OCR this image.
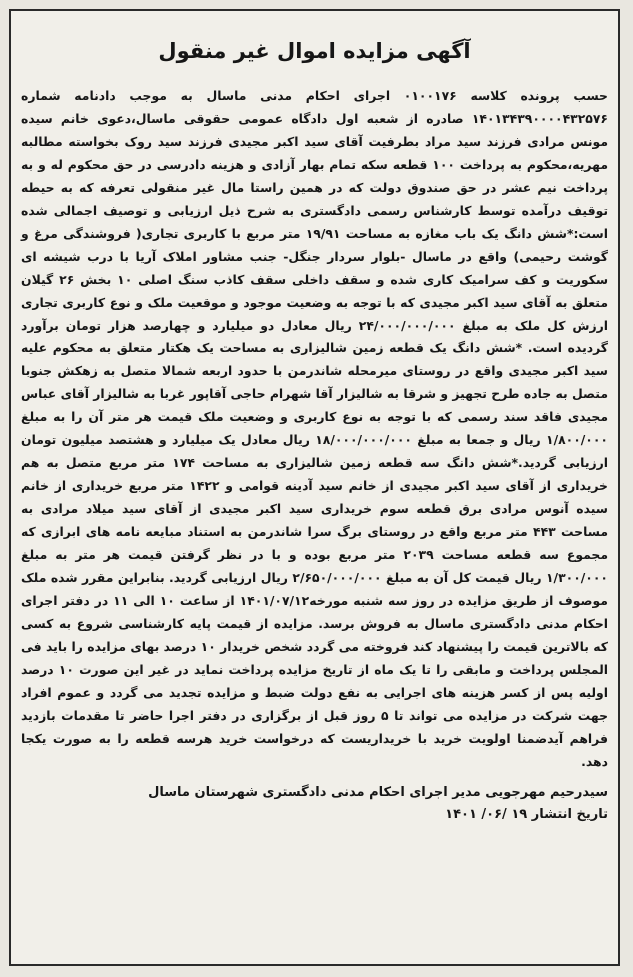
آگهی مزایده اموال غیر منقول

حسب پرونده کلاسه ۰۱۰۰۱۷۶ اجرای احکام مدنی ماسال به موجب دادنامه شماره ۱۴۰۱۳۴۳۹۰۰۰۰۴۳۲۵۷۶ صادره از شعبه اول دادگاه عمومی حقوقی ماسال،دعوی خانم سیده مونس مرادی فرزند سید مراد بطرفیت آقای سید اکبر مجیدی فرزند سید روک بخواسته مطالبه مهریه،محکوم به پرداخت ۱۰۰ قطعه سکه تمام بهار آزادی و هزینه دادرسی در حق محکوم له و به پرداخت نیم عشر در حق صندوق دولت که در همین راستا مال غیر منقولی تعرفه که به حیطه توقیف درآمده توسط کارشناس رسمی دادگستری به شرح ذیل ارزیابی و توصیف اجمالی شده است:*شش دانگ یک باب مغازه به مساحت ۱۹/۹۱ متر مربع با کاربری تجاری( فروشندگی مرغ و گوشت رحیمی) واقع در ماسال -بلوار سردار جنگل- جنب مشاور املاک آریا با درب شیشه ای سکوریت و کف سرامیک کاری شده و سقف داخلی سقف کاذب سنگ اصلی ۱۰ بخش ۲۶ گیلان متعلق به آقای سید اکبر مجیدی که با توجه به وضعیت موجود و موقعیت ملک و نوع کاربری تجاری ارزش کل ملک به مبلغ ۲۴/۰۰۰/۰۰۰/۰۰۰ ریال معادل دو میلیارد و چهارصد هزار تومان برآورد گردیده است. *شش دانگ یک قطعه زمین شالیزاری به مساحت یک هکتار متعلق به محکوم علیه سید اکبر مجیدی واقع در روستای میرمحله شاندرمن با حدود اربعه شمالا متصل به زهکش جنوبا متصل به جاده طرح تجهیز و شرقا به شالیزار آقا شهرام حاجی آقاپور غربا به شالیزار آقای عباس مجیدی فاقد سند رسمی که با توجه به نوع کاربری و وضعیت ملک قیمت هر متر آن را به مبلغ ۱/۸۰۰/۰۰۰ ریال و جمعا به مبلغ ۱۸/۰۰۰/۰۰۰/۰۰۰ ریال معادل یک میلیارد و هشتصد میلیون تومان ارزیابی گردید.*شش دانگ سه قطعه زمین شالیزاری به مساحت ۱۷۴ متر مربع متصل به هم خریداری از آقای سید اکبر مجیدی از خانم سید آدینه قوامی و ۱۴۲۲ متر مربع خریداری از خانم سیده آنوس مرادی برق قطعه سوم خریداری سید اکبر مجیدی از آقای سید میلاد مرادی به مساحت ۴۴۳ متر مربع واقع در روستای برگ سرا شاندرمن به استناد مبایعه نامه های ابرازی که مجموع سه قطعه مساحت ۲۰۳۹ متر مربع بوده و با در نظر گرفتن قیمت هر متر به مبلغ ۱/۳۰۰/۰۰۰ ریال قیمت کل آن به مبلغ ۲/۶۵۰/۰۰۰/۰۰۰ ریال ارزیابی گردید. بنابراین مقرر شده ملک موصوف از طریق مزایده در روز سه شنبه مورخه۱۴۰۱/۰۷/۱۲ از ساعت ۱۰ الی ۱۱ در دفتر اجرای احکام مدنی دادگستری ماسال به فروش برسد. مزایده از قیمت پایه کارشناسی شروع به کسی که بالاترین قیمت را پیشنهاد کند فروخته می گردد شخص خریدار ۱۰ درصد بهای مزایده را باید فی المجلس پرداخت و مابقی را تا یک ماه از تاریخ مزایده پرداخت نماید در غیر این صورت ۱۰ درصد اولیه پس از کسر هزینه های اجرایی به نفع دولت ضبط و مزایده تجدید می گردد و عموم افراد جهت شرکت در مزایده می تواند تا ۵ روز قبل از برگزاری در دفتر اجرا حاضر تا مقدمات بازدید فراهم آیدضمنا اولویت خرید با خریداریست که درخواست خرید هرسه قطعه را به صورت یکجا دهد.

سیدرحیم مهرجویی مدیر اجرای احکام مدنی دادگستری شهرستان ماسال
تاریخ انتشار ۱۹ /۰۶/ ۱۴۰۱
